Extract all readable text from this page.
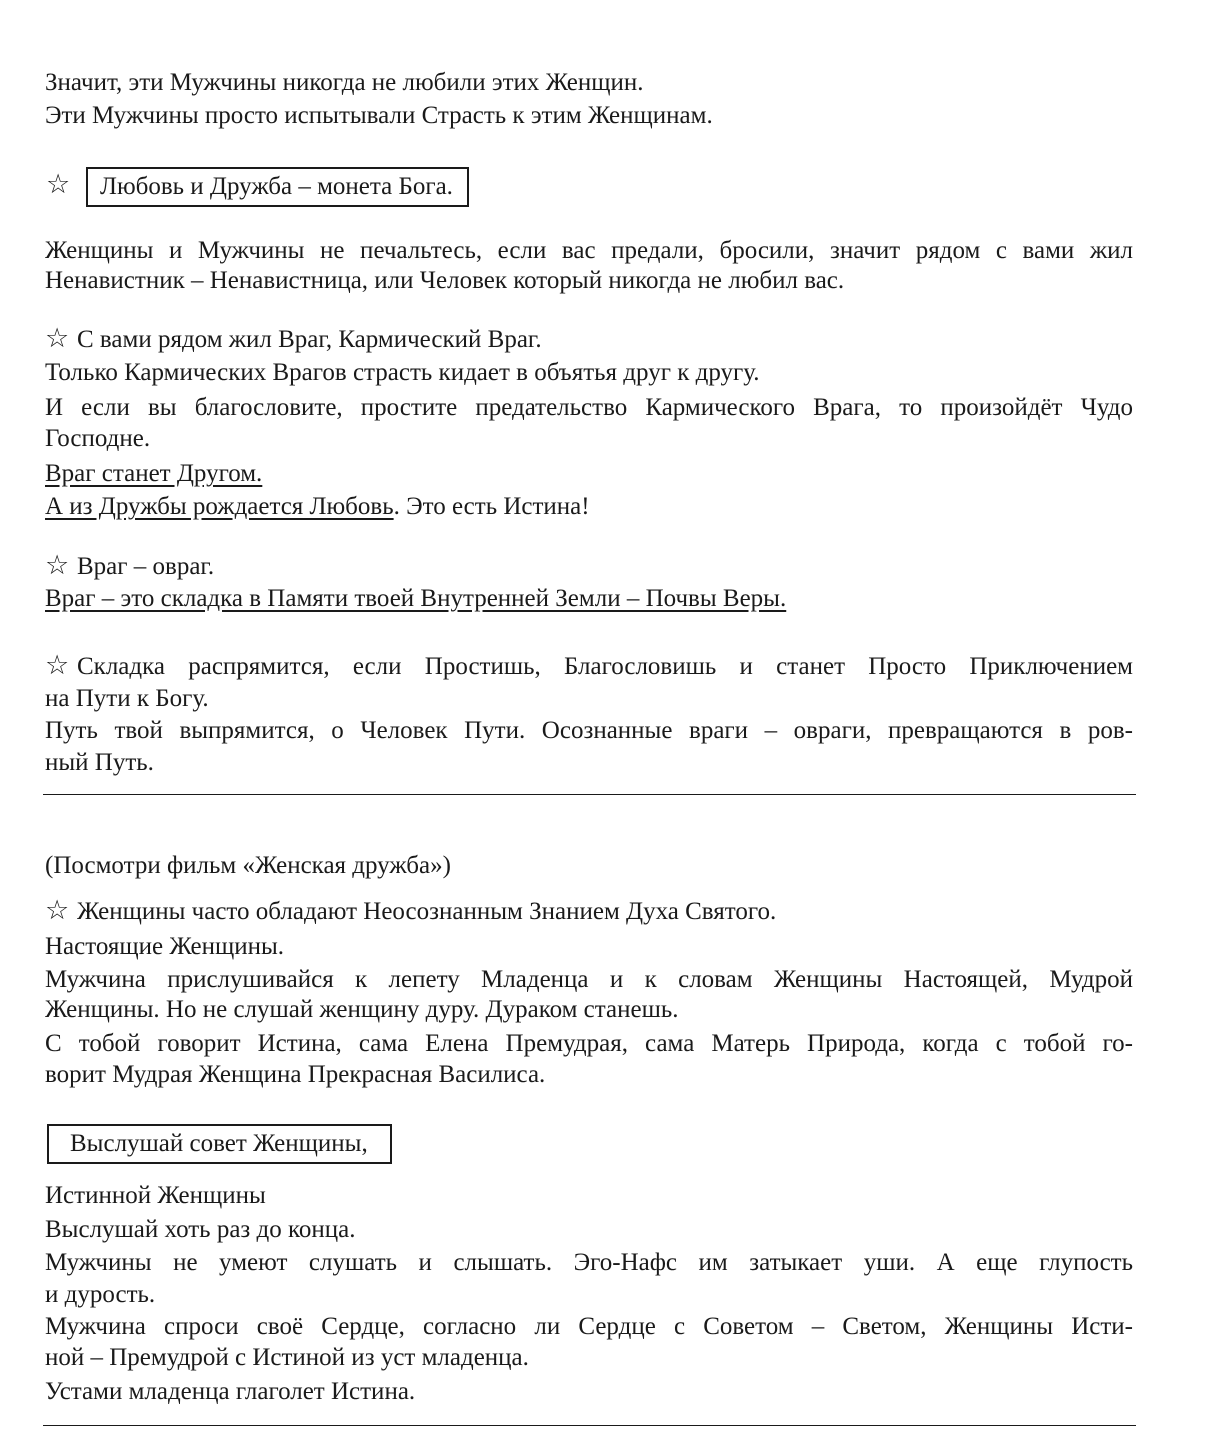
Значит, эти Мужчины никогда не любили этих Женщин.
Эти Мужчины просто испытывали Страсть к этим Женщинам.
☆	Любовь и Дружба – монета Бога.
Женщины и Мужчины не печальтесь, если вас предали, бросили, значит рядом с вами жил
Ненавистник – Ненавистница, или Человек который никогда не любил вас.
☆ С вами рядом жил Враг, Кармический Враг.
Только Кармических Врагов страсть кидает в объятья друг к другу.
И если вы благословите, простите предательство Кармического Врага, то произойдёт Чудо
Господне.
Враг станет Другом.
А из Дружбы рождается Любовь. Это есть Истина!
☆ Враг – овраг.
Враг – это складка в Памяти твоей Внутренней Земли – Почвы Веры.
☆ Складка распрямится, если Простишь, Благословишь и станет Просто Приключением
на Пути к Богу.
Путь твой выпрямится, о Человек Пути. Осознанные враги – овраги, превращаются в ров-
ный Путь.
(Посмотри фильм «Женская дружба»)
☆ Женщины часто обладают Неосознанным Знанием Духа Святого.
Настоящие Женщины.
Мужчина прислушивайся к лепету Младенца и к словам Женщины Настоящей, Мудрой
Женщины. Но не слушай женщину дуру. Дураком станешь.
С тобой говорит Истина, сама Елена Премудрая, сама Матерь Природа, когда с тобой го-
ворит Мудрая Женщина Прекрасная Василиса.
Выслушай совет Женщины,
Истинной Женщины
Выслушай хоть раз до конца.
Мужчины не умеют слушать и слышать. Эго-Нафс им затыкает уши. А еще глупость
и дурость.
Мужчина спроси своё Сердце, согласно ли Сердце с Советом – Светом, Женщины Исти-
ной – Премудрой с Истиной из уст младенца.
Устами младенца глаголет Истина.
